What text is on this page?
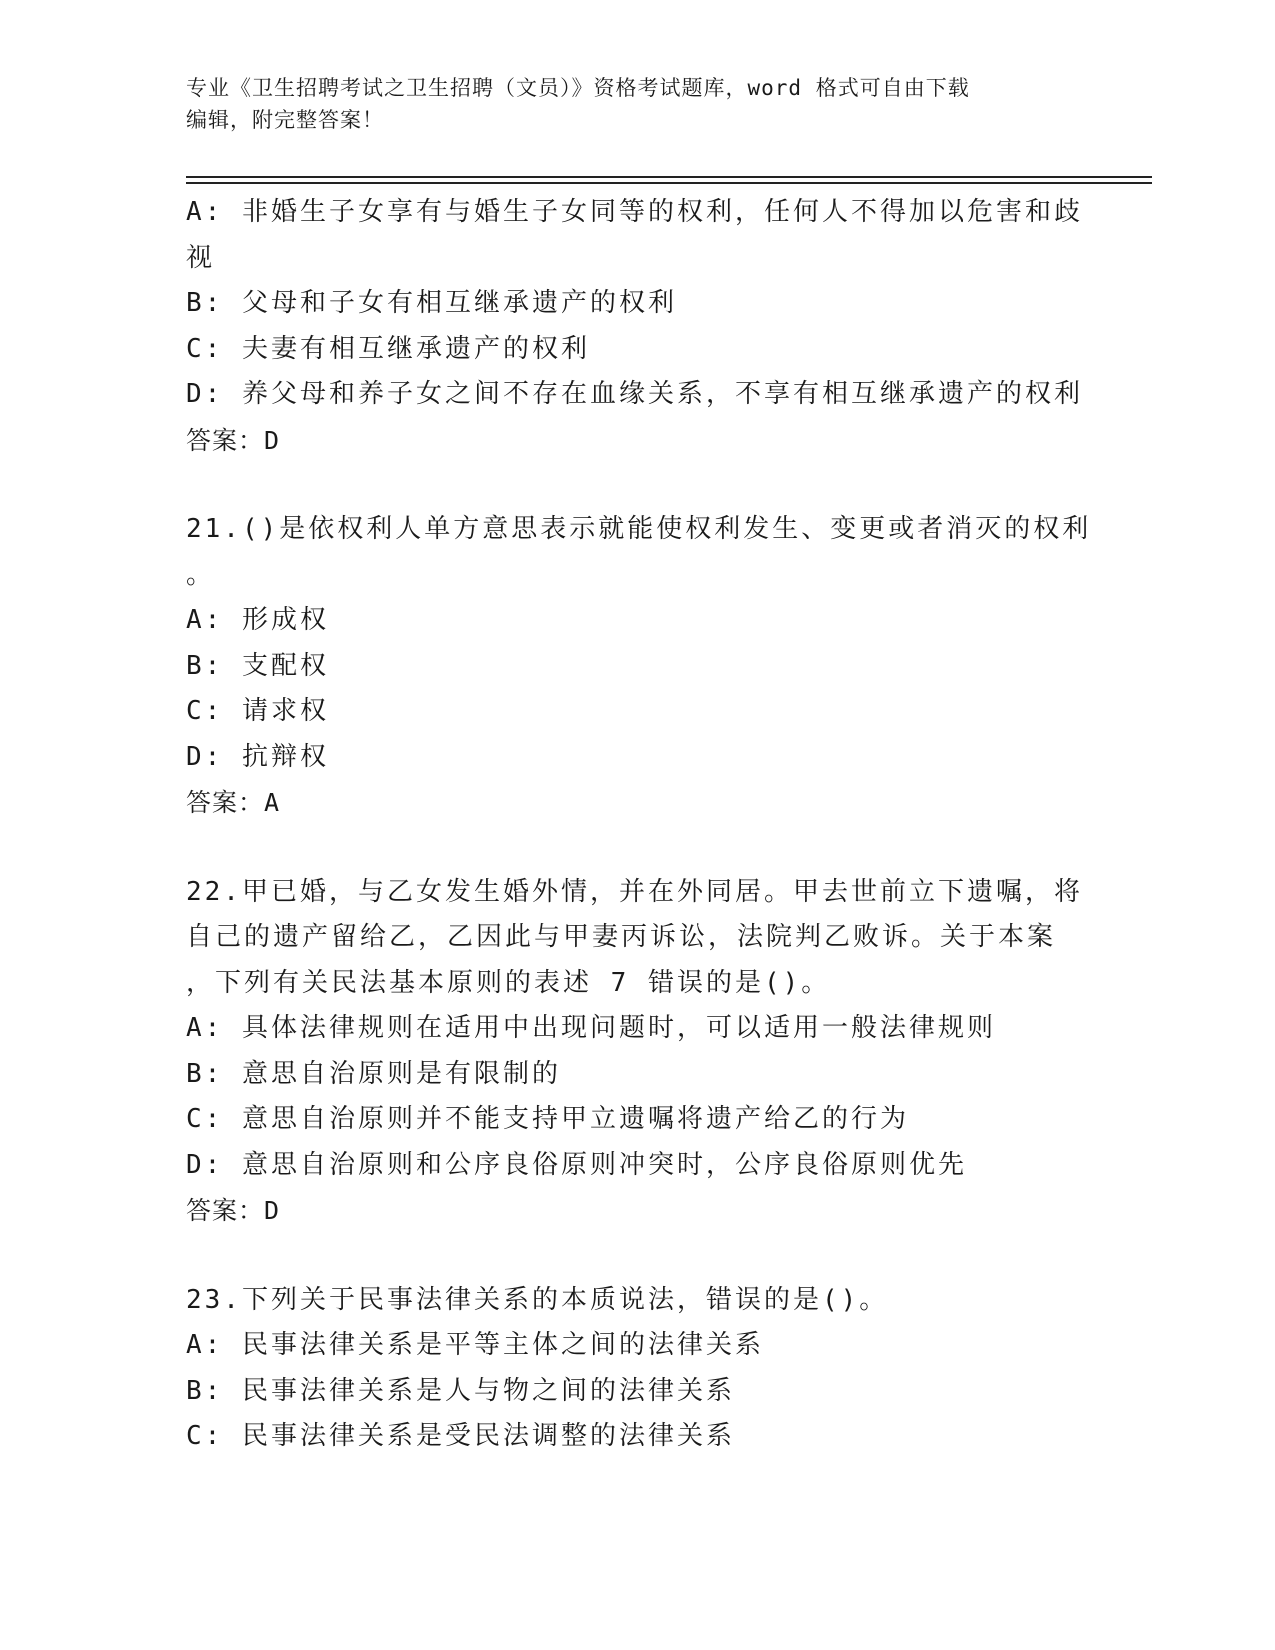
专业《卫生招聘考试之卫生招聘（文员）》资格考试题库，word 格式可自由下载
编辑，附完整答案！
A: 非婚生子女享有与婚生子女同等的权利，任何人不得加以危害和歧
视
B: 父母和子女有相互继承遗产的权利
C: 夫妻有相互继承遗产的权利
D: 养父母和养子女之间不存在血缘关系，不享有相互继承遗产的权利
答案：D
21.()是依权利人单方意思表示就能使权利发生、变更或者消灭的权利
。
A: 形成权
B: 支配权
C: 请求权
D: 抗辩权
答案：A
22.甲已婚，与乙女发生婚外情，并在外同居。甲去世前立下遗嘱，将
自己的遗产留给乙，乙因此与甲妻丙诉讼，法院判乙败诉。关于本案
，下列有关民法基本原则的表述 7 错误的是()。
A: 具体法律规则在适用中出现问题时，可以适用一般法律规则
B: 意思自治原则是有限制的
C: 意思自治原则并不能支持甲立遗嘱将遗产给乙的行为
D: 意思自治原则和公序良俗原则冲突时，公序良俗原则优先
答案：D
23.下列关于民事法律关系的本质说法，错误的是()。
A: 民事法律关系是平等主体之间的法律关系
B: 民事法律关系是人与物之间的法律关系
C: 民事法律关系是受民法调整的法律关系
